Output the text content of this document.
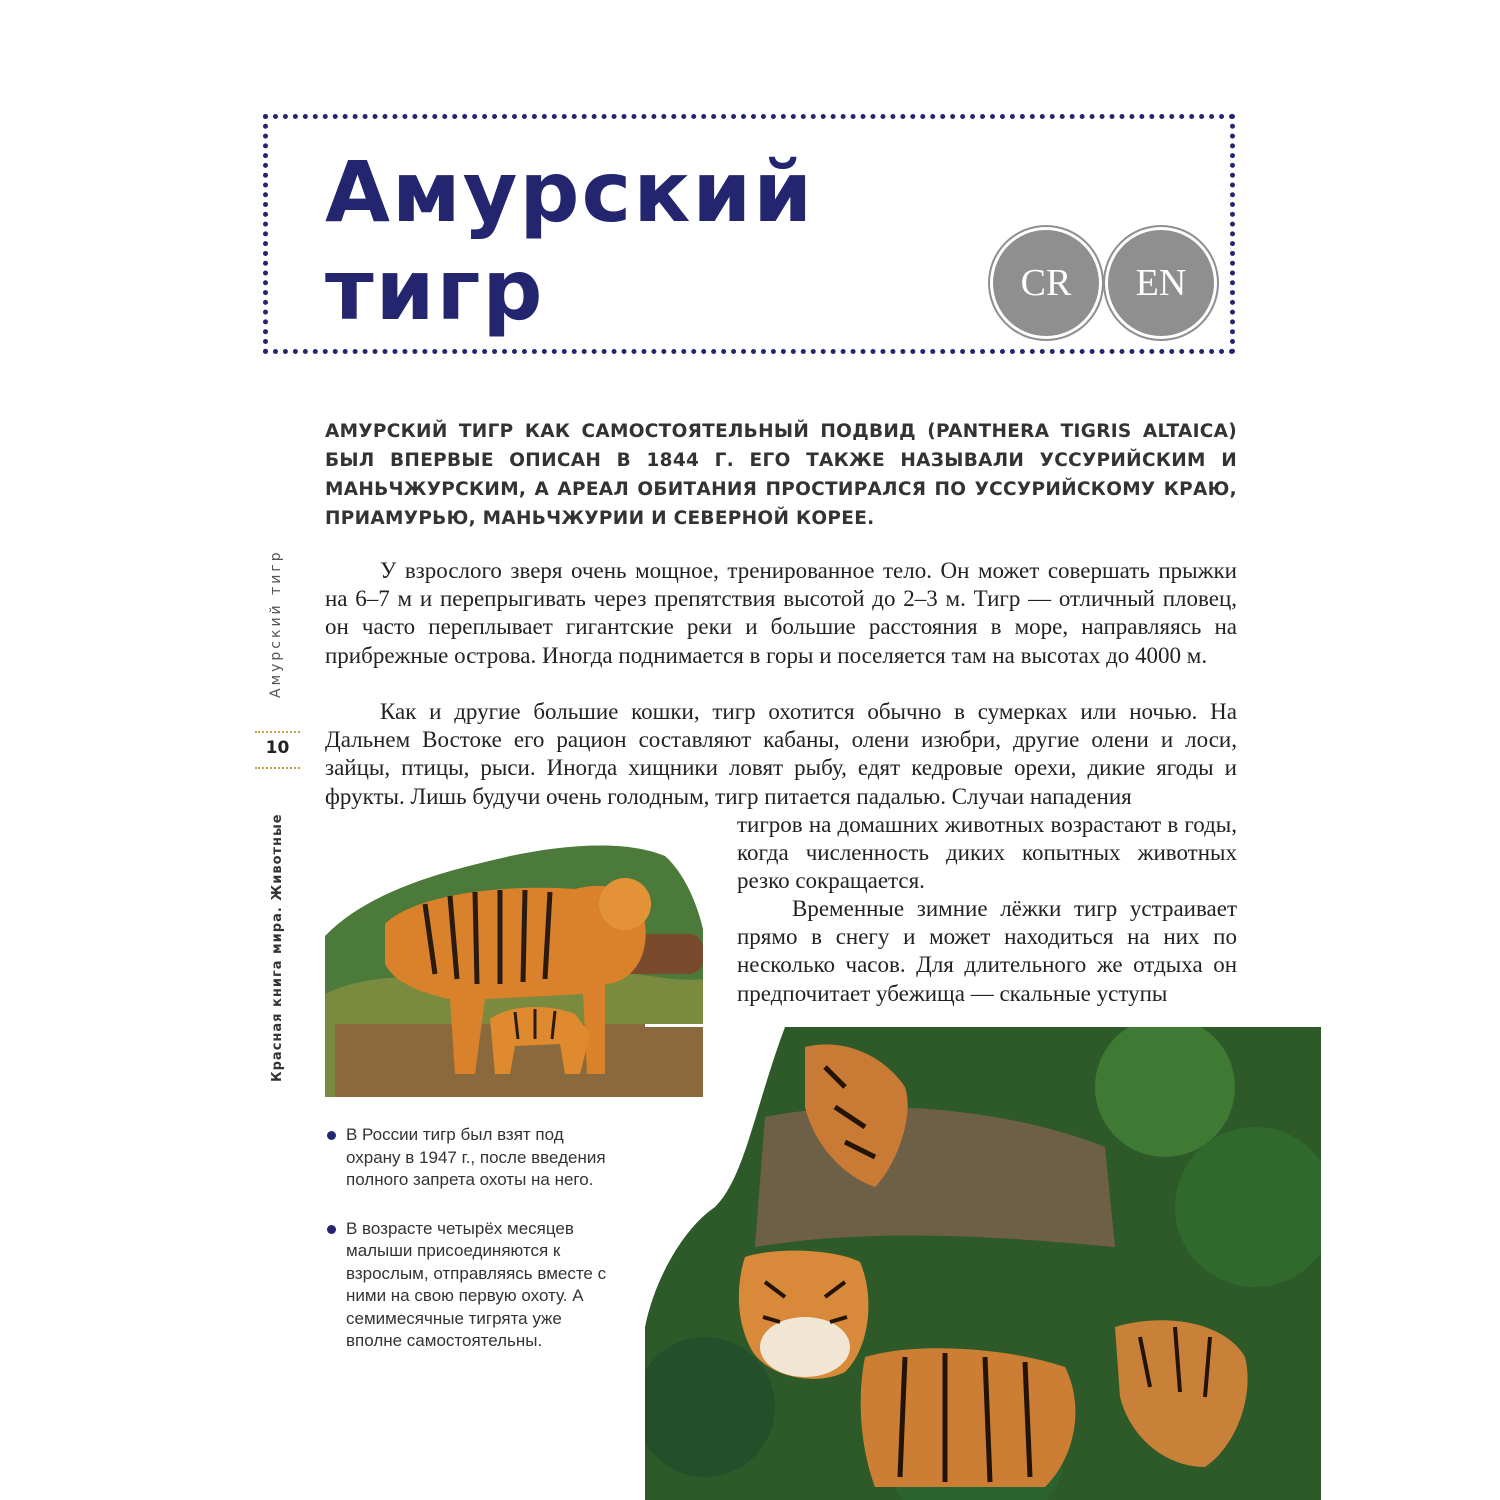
Амурский
тигр	CR	EN

АМУРСКИЙ ТИГР КАК САМОСТОЯТЕЛЬНЫЙ ПОДВИД (PANTHERA TIGRIS ALTAICA) БЫЛ ВПЕРВЫЕ ОПИСАН В 1844 Г. ЕГО ТАКЖЕ НАЗЫВАЛИ УССУРИЙСКИМ И МАНЬЧЖУРСКИМ, А АРЕАЛ ОБИТАНИЯ ПРОСТИРАЛСЯ ПО УССУРИЙСКОМУ КРАЮ, ПРИАМУРЬЮ, МАНЬЧЖУРИИ И СЕВЕРНОЙ КОРЕЕ.

У взрослого зверя очень мощное, тренированное тело. Он может совершать прыжки на 6–7 м и перепрыгивать через препятствия высотой до 2–3 м. Тигр — отличный пловец, он часто переплывает гигантские реки и большие расстояния в море, направляясь на прибрежные острова. Иногда поднимается в горы и поселяется там на высотах до 4000 м.

Как и другие большие кошки, тигр охотится обычно в сумерках или ночью. На Дальнем Востоке его рацион составляют кабаны, олени изюбри, другие олени и лоси, зайцы, птицы, рыси. Иногда хищники ловят рыбу, едят кедровые орехи, дикие ягоды и фрукты. Лишь будучи очень голодным, тигр питается падалью. Случаи нападения

тигров на домашних животных возрастают в годы, когда численность диких копытных животных резко сокращается.

Временные зимние лёжки тигр устраивает прямо в снегу и может находиться на них по несколько часов. Для длительного же отдыха он предпочитает убежища — скальные уступы

Амурский тигр

10

Красная книга мира. Животные

В России тигр был взят под охрану в 1947 г., после введения полного запрета охоты на него.
В возрасте четырёх месяцев малыши присоединяются к взрослым, отправляясь вместе с ними на свою первую охоту. А семимесячные тигрята уже вполне самостоятельны.
